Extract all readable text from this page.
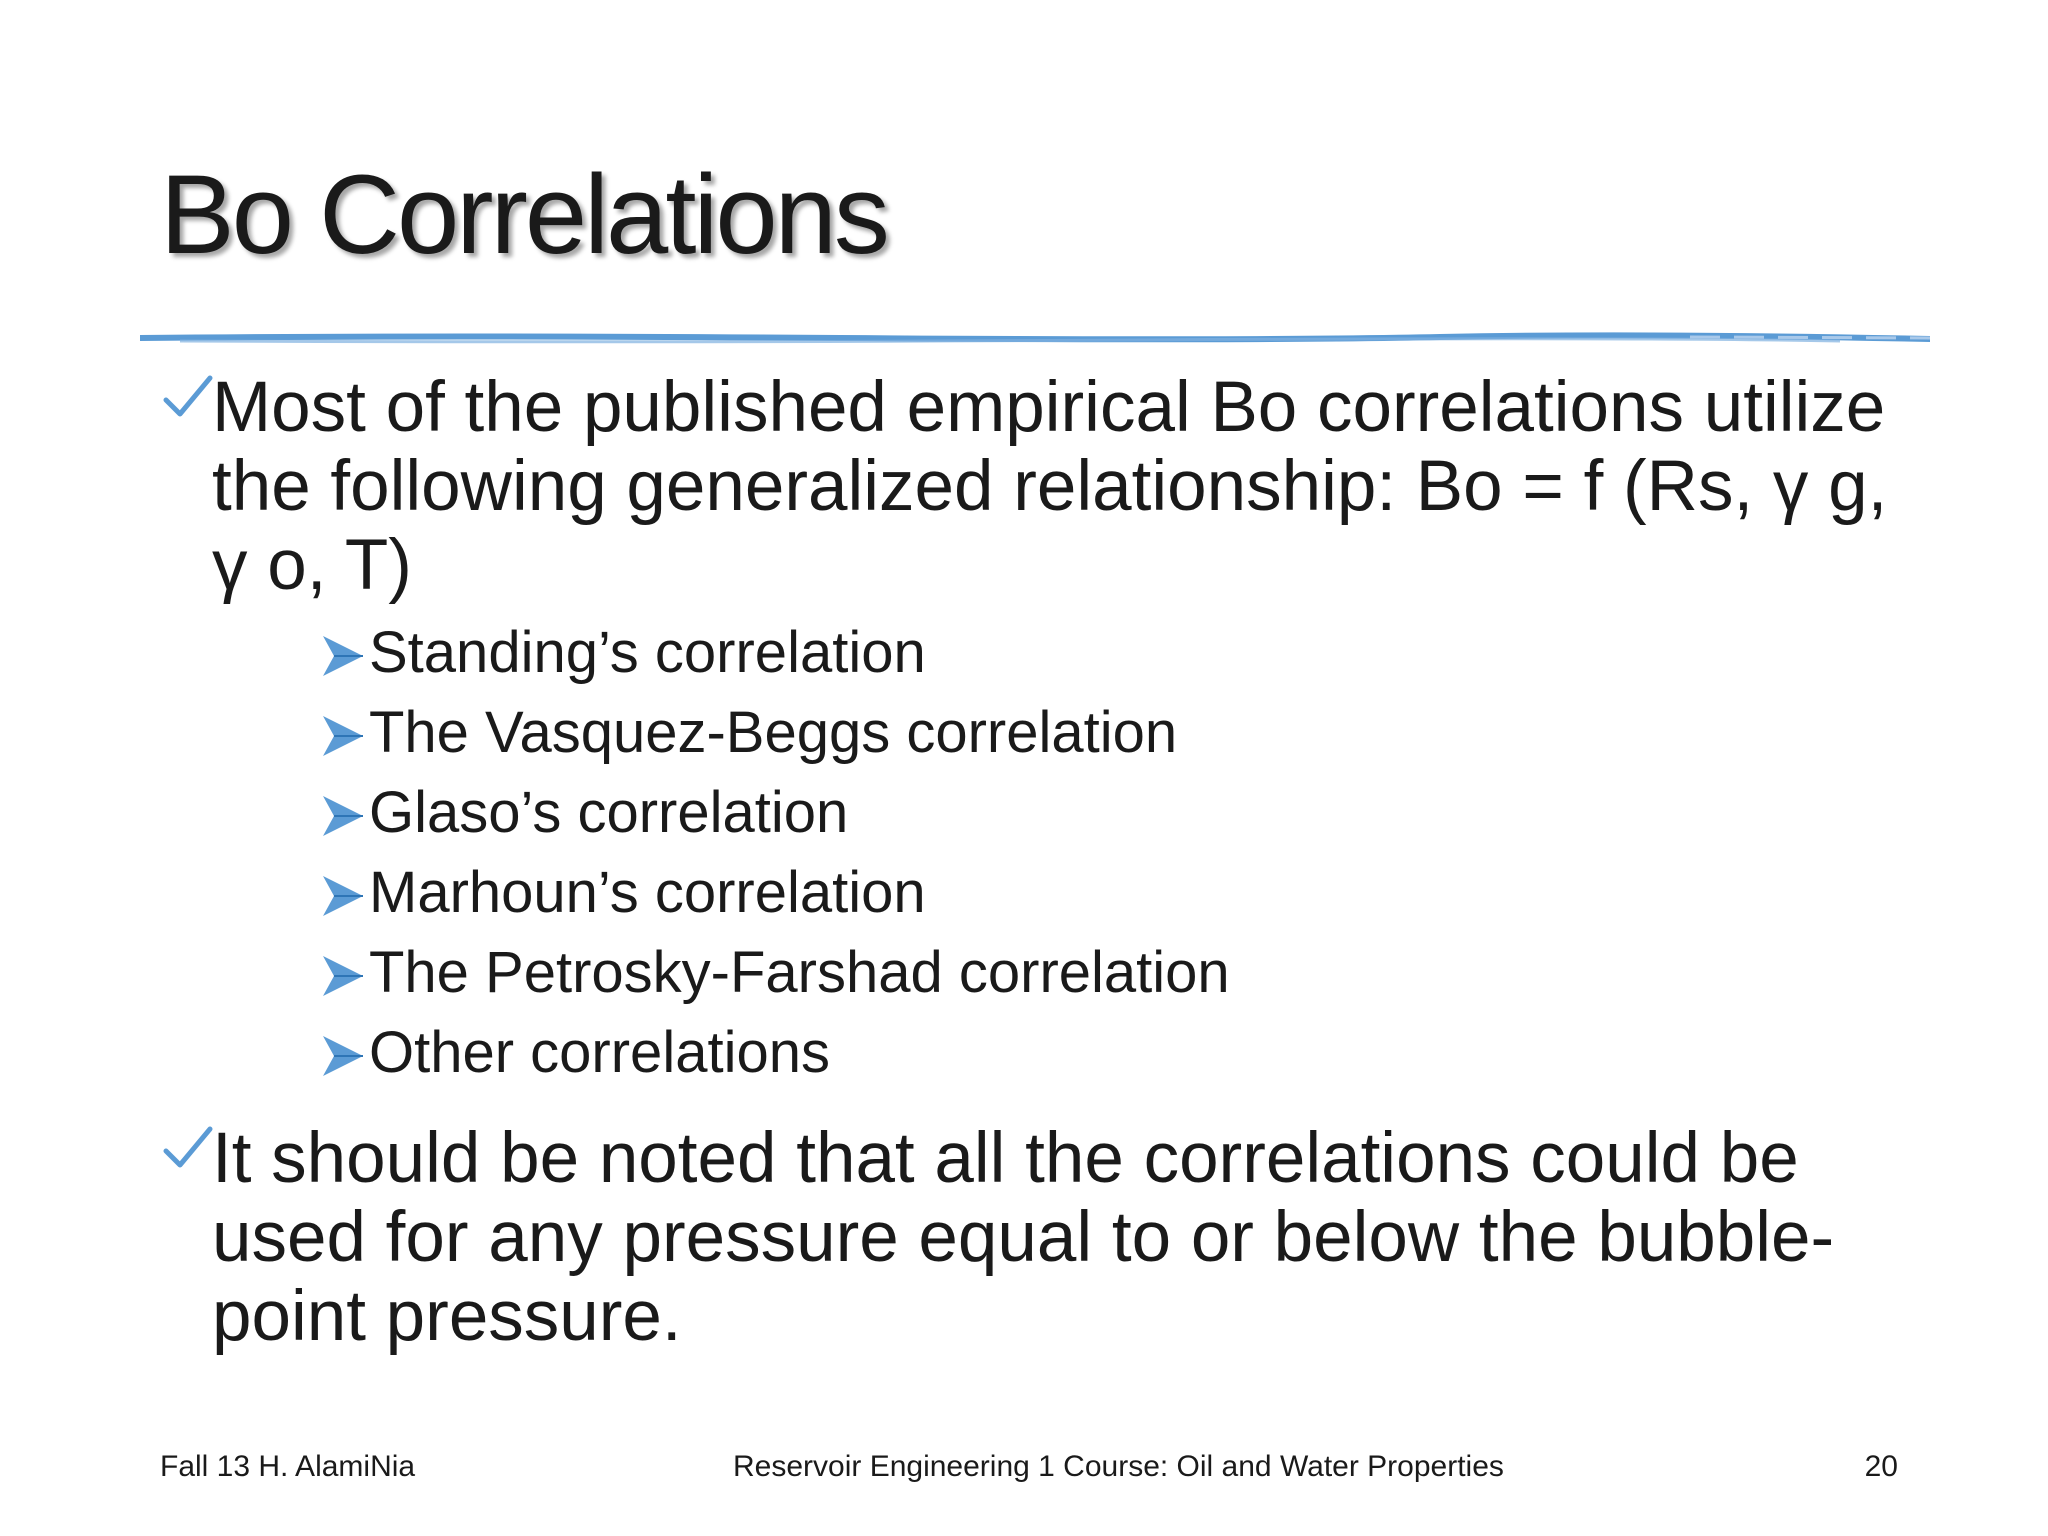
Bo Correlations
Most of the published empirical Bo correlations utilize the following generalized relationship: Bo = f (Rs, γ g, γ o, T)
Standing’s correlation
The Vasquez-Beggs correlation
Glaso’s correlation
Marhoun’s correlation
The Petrosky-Farshad correlation
Other correlations
It should be noted that all the correlations could be used for any pressure equal to or below the bubble-point pressure.
Fall 13 H. AlamiNia	Reservoir Engineering 1 Course: Oil and Water Properties	20
